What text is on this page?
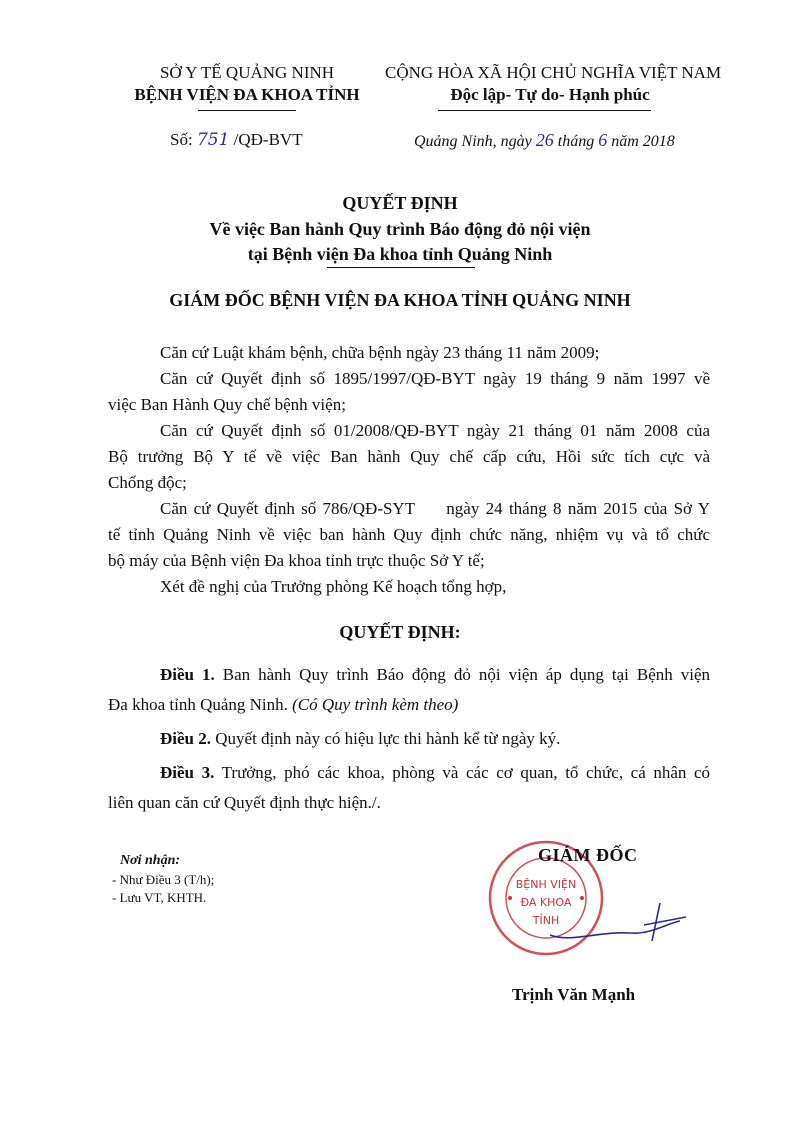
SỞ Y TẾ QUẢNG NINH
BỆNH VIỆN ĐA KHOA TỈNH
CỘNG HÒA XÃ HỘI CHỦ NGHĨA VIỆT NAM
Độc lập- Tự do- Hạnh phúc
Số: 751 /QĐ-BVT	Quảng Ninh, ngày 26 tháng 6 năm 2018
QUYẾT ĐỊNH
Về việc Ban hành Quy trình Báo động đỏ nội viện
tại Bệnh viện Đa khoa tỉnh Quảng Ninh
GIÁM ĐỐC BỆNH VIỆN ĐA KHOA TỈNH QUẢNG NINH
Căn cứ Luật khám bệnh, chữa bệnh ngày 23 tháng 11 năm 2009;
Căn cứ Quyết định số 1895/1997/QĐ-BYT ngày 19 tháng 9 năm 1997 về
việc Ban Hành Quy chế bệnh viện;
Căn cứ Quyết định số 01/2008/QĐ-BYT ngày 21 tháng 01 năm 2008 của
Bộ trưởng Bộ Y tế về việc Ban hành Quy chế cấp cứu, Hồi sức tích cực và
Chống độc;
Căn cứ Quyết định số 786/QĐ-SYT     ngày 24 tháng 8 năm 2015 của Sở Y
tế tỉnh Quảng Ninh về việc ban hành Quy định chức năng, nhiệm vụ và tổ chức
bộ máy của Bệnh viện Đa khoa tỉnh trực thuộc Sở Y tế;
Xét đề nghị của Trưởng phòng Kế hoạch tổng hợp,
QUYẾT ĐỊNH:
Điều 1. Ban hành Quy trình Báo động đỏ nội viện áp dụng tại Bệnh viện
Đa khoa tỉnh Quảng Ninh. (Có Quy trình kèm theo)
Điều 2. Quyết định này có hiệu lực thi hành kể từ ngày ký.
Điều 3. Trưởng, phó các khoa, phòng và các cơ quan, tổ chức, cá nhân có
liên quan căn cứ Quyết định thực hiện./.
Nơi nhận:
- Như Điều 3 (T/h);
- Lưu VT, KHTH.
BỆNH VIỆN
ĐA KHOA
TỈNH
GIÁM ĐỐC
Trịnh Văn Mạnh
